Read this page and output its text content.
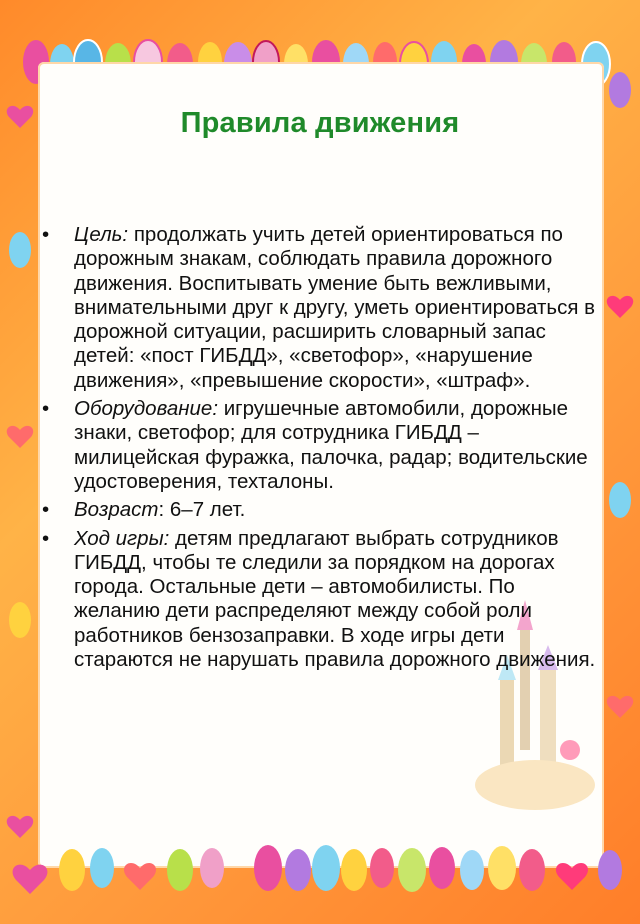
Правила движения
• Цель: продолжать учить детей ориентироваться по дорожным знакам, соблюдать правила дорожного движения. Воспитывать умение быть вежливыми, внимательными друг к другу, уметь ориентироваться в дорожной ситуации, расширить словарный запас детей: «пост ГИБДД», «светофор», «нарушение движения», «превышение скорости», «штраф».
• Оборудование: игрушечные автомобили, дорожные знаки, светофор; для сотрудника ГИБДД – милицейская фуражка, палочка, радар; водительские удостоверения, техталоны.
• Возраст: 6–7 лет.
• Ход игры: детям предлагают выбрать сотрудников ГИБДД, чтобы те следили за порядком на дорогах города. Остальные дети – автомобилисты. По желанию дети распределяют между собой роли работников бензозаправки. В ходе игры дети стараются не нарушать правила дорожного движения.
